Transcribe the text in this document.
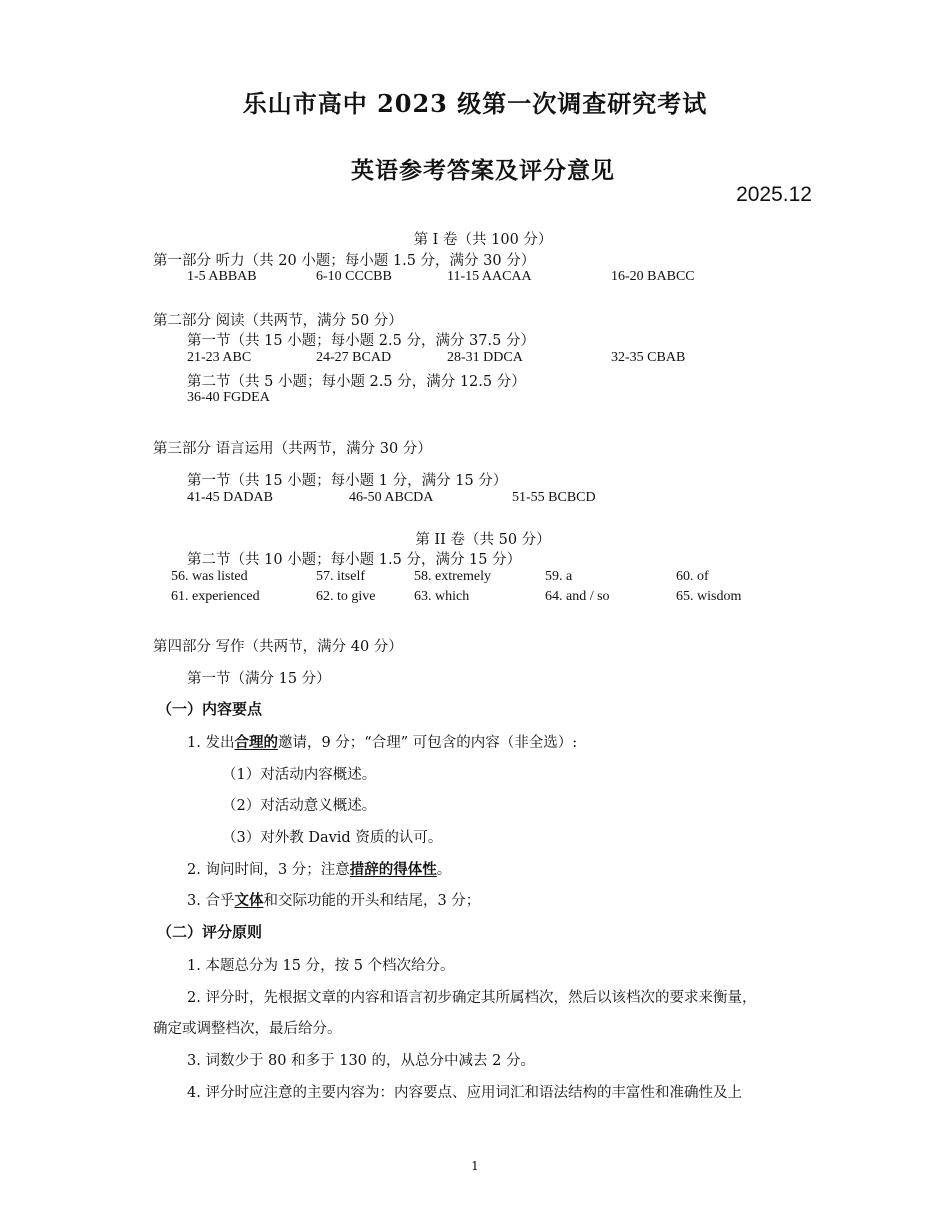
乐山市高中 2023 级第一次调查研究考试
英语参考答案及评分意见
2025.12
第 I 卷（共 100 分）
第一部分 听力（共 20 小题；每小题 1.5 分，满分 30 分）
1-5 ABBAB	6-10 CCCBB	11-15 AACAA	16-20 BABCC
第二部分 阅读（共两节，满分 50 分）
第一节（共 15 小题；每小题 2.5 分，满分 37.5 分）
21-23 ABC	24-27 BCAD	28-31 DDCA	32-35 CBAB
第二节（共 5 小题；每小题 2.5 分，满分 12.5 分）
36-40 FGDEA
第三部分 语言运用（共两节，满分 30 分）
第一节（共 15 小题；每小题 1 分，满分 15 分）
41-45 DADAB	46-50 ABCDA	51-55 BCBCD
第 II 卷（共 50 分）
第二节（共 10 小题；每小题 1.5 分，满分 15 分）
56. was listed	57. itself	58. extremely	59. a	60. of
61. experienced	62. to give	63. which	64. and / so	65. wisdom
第四部分 写作（共两节，满分 40 分）
第一节（满分 15 分）
（一）内容要点
1. 发出合理的邀请，9 分；“合理” 可包含的内容（非全选）:
（1）对活动内容概述。
（2）对活动意义概述。
（3）对外教 David 资质的认可。
2. 询问时间，3 分；注意措辞的得体性。
3. 合乎文体和交际功能的开头和结尾，3 分；
（二）评分原则
1. 本题总分为 15 分，按 5 个档次给分。
2. 评分时，先根据文章的内容和语言初步确定其所属档次，然后以该档次的要求来衡量，
确定或调整档次，最后给分。
3. 词数少于 80 和多于 130 的，从总分中减去 2 分。
4. 评分时应注意的主要内容为：内容要点、应用词汇和语法结构的丰富性和准确性及上
1
